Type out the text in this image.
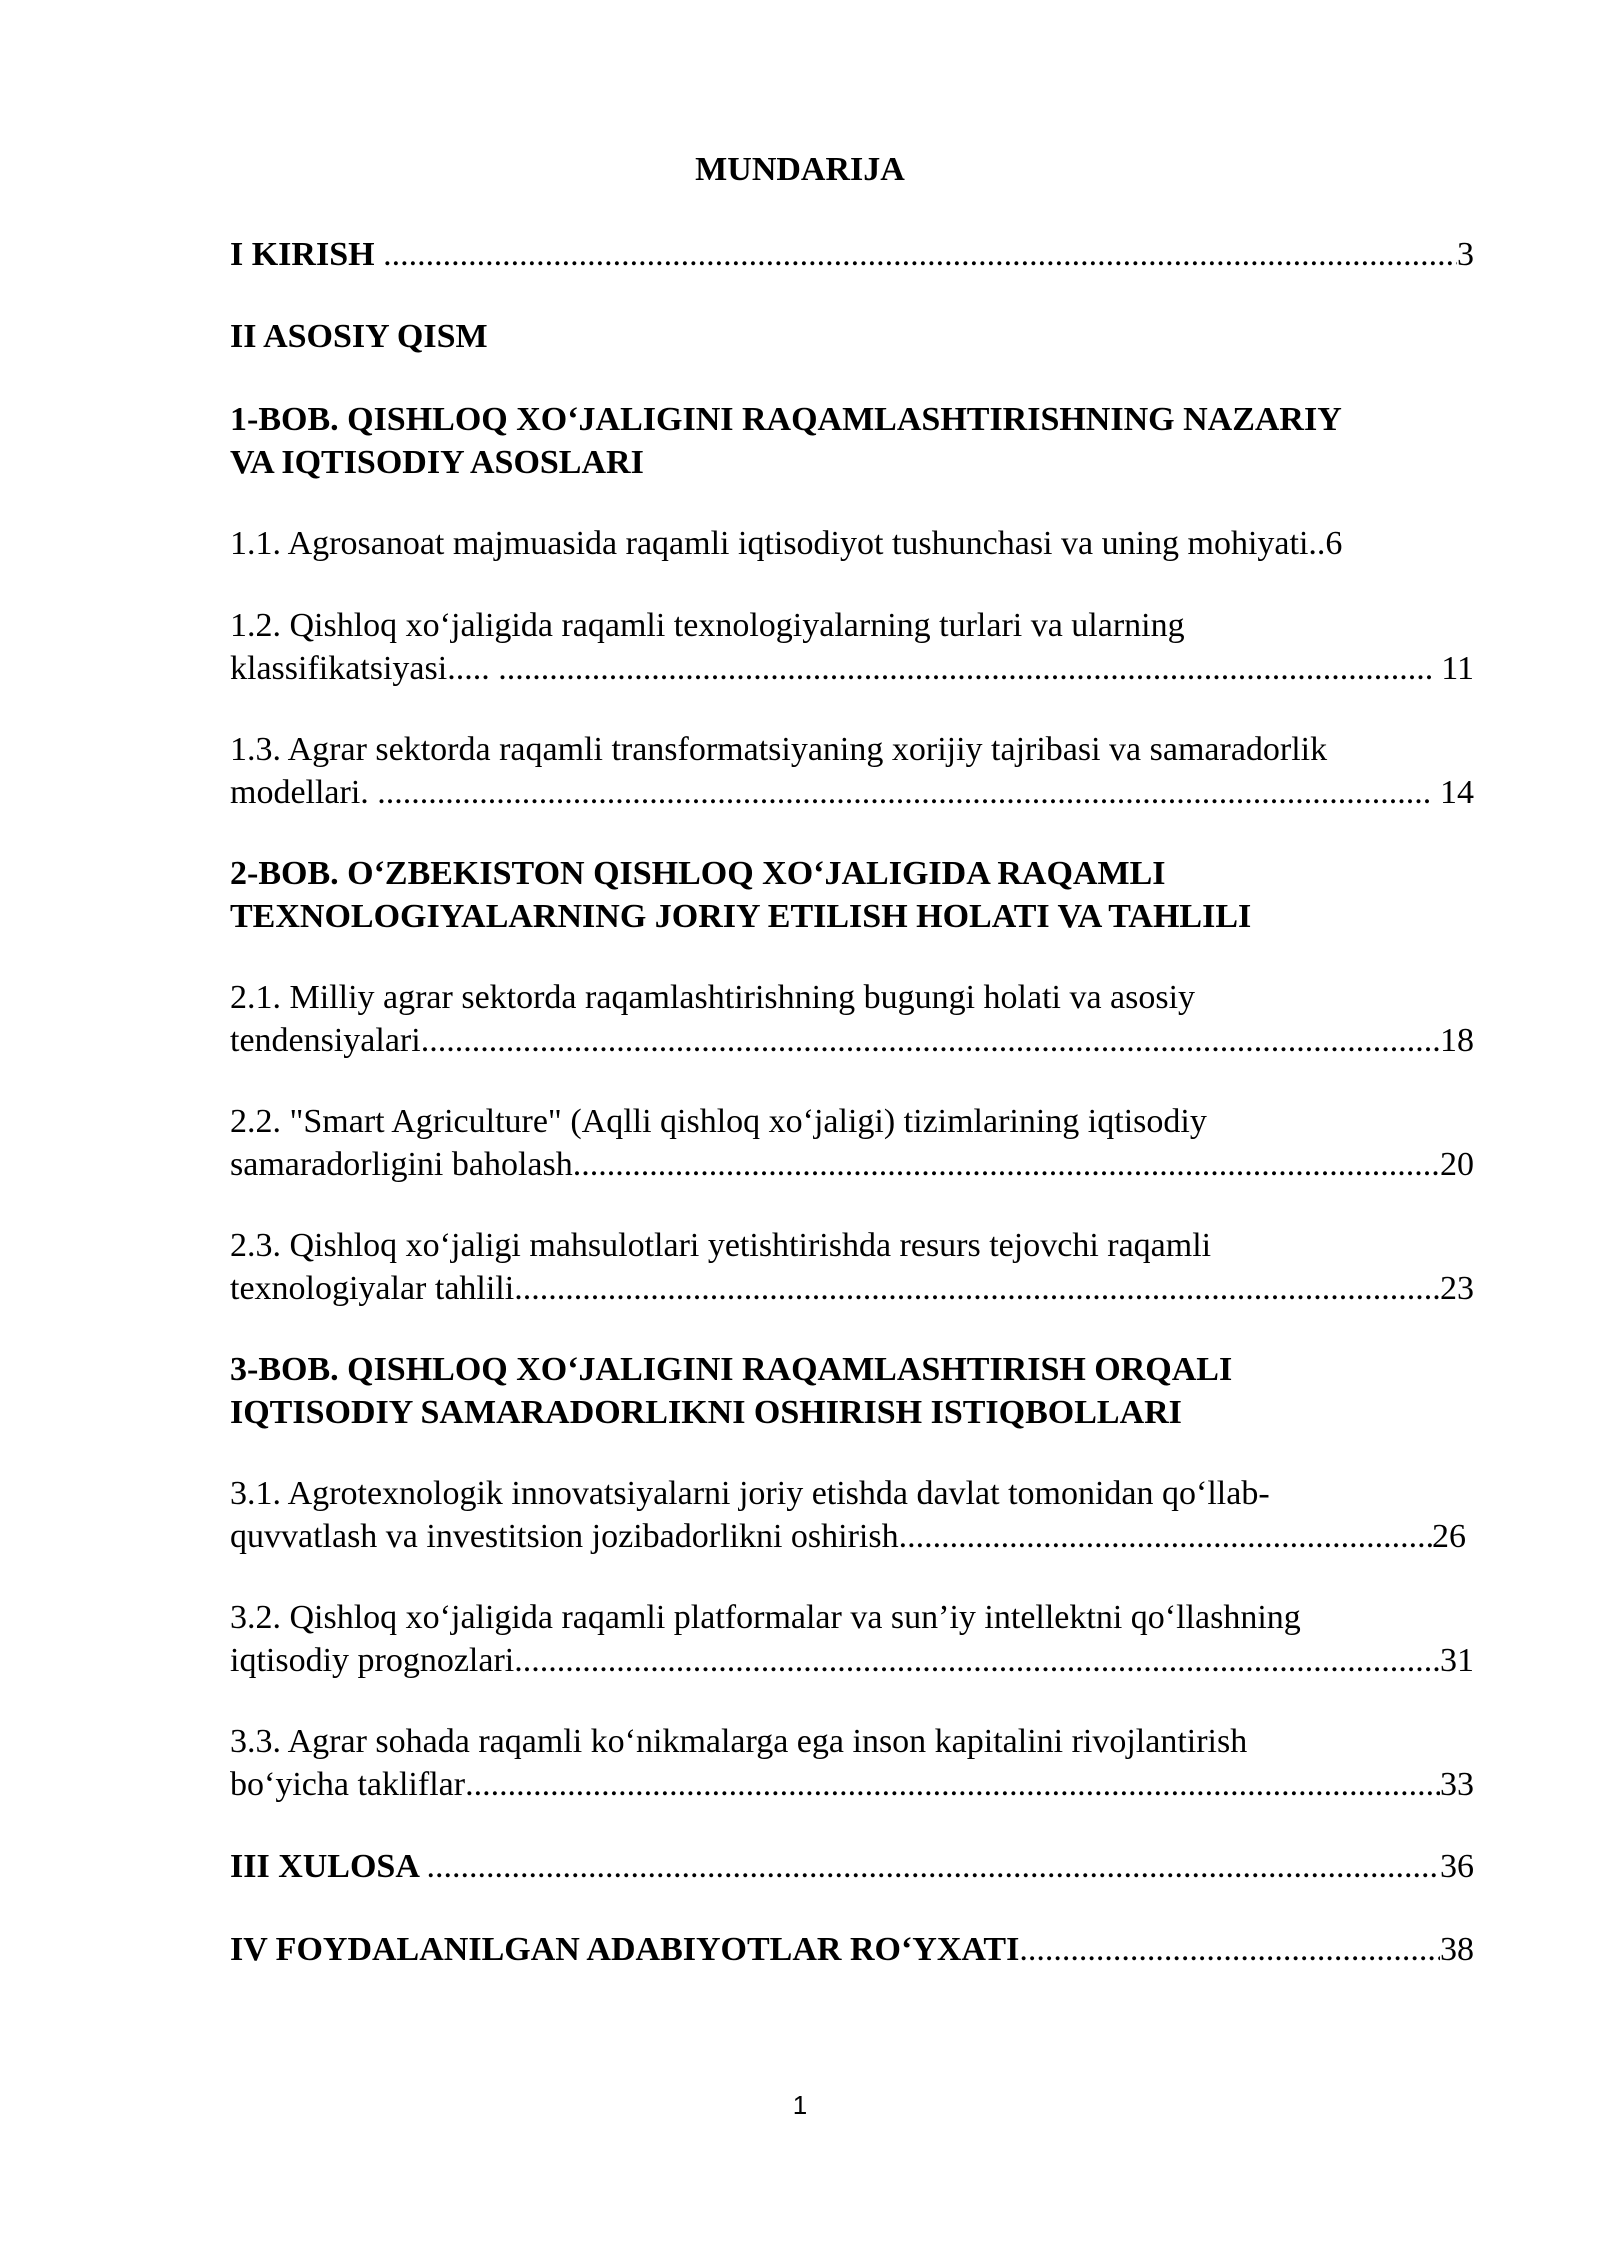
MUNDARIJA
I KIRISH .....	3
II ASOSIY QISM
1-BOB. QISHLOQ XO‘JALIGINI RAQAMLASHTIRISHNING NAZARIY
VA IQTISODIY ASOSLARI
1.1. Agrosanoat majmuasida raqamli iqtisodiyot tushunchasi va uning mohiyati..6
1.2. Qishloq xo‘jaligida raqamli texnologiyalarning turlari va ularning
klassifikatsiyasi..... .....	11
1.3. Agrar sektorda raqamli transformatsiyaning xorijiy tajribasi va samaradorlik
modellari. .....	14
2-BOB. O‘ZBEKISTON QISHLOQ XO‘JALIGIDA RAQAMLI
TEXNOLOGIYALARNING JORIY ETILISH HOLATI VA TAHLILI
2.1. Milliy agrar sektorda raqamlashtirishning bugungi holati va asosiy
tendensiyalari .....	18
2.2. "Smart Agriculture" (Aqlli qishloq xo‘jaligi) tizimlarining iqtisodiy
samaradorligini baholash .....	20
2.3. Qishloq xo‘jaligi mahsulotlari yetishtirishda resurs tejovchi raqamli
texnologiyalar tahlili .....	23
3-BOB. QISHLOQ XO‘JALIGINI RAQAMLASHTIRISH ORQALI
IQTISODIY SAMARADORLIKNI OSHIRISH ISTIQBOLLARI
3.1. Agrotexnologik innovatsiyalarni joriy etishda davlat tomonidan qo‘llab-
quvvatlash va investitsion jozibadorlikni oshirish .....	26
3.2. Qishloq xo‘jaligida raqamli platformalar va sun’iy intellektni qo‘llashning
iqtisodiy prognozlari .....	31
3.3. Agrar sohada raqamli ko‘nikmalarga ega inson kapitalini rivojlantirish
bo‘yicha takliflar .....	33
III XULOSA .....	36
IV FOYDALANILGAN ADABIYOTLAR RO‘YXATI .....	38
1
